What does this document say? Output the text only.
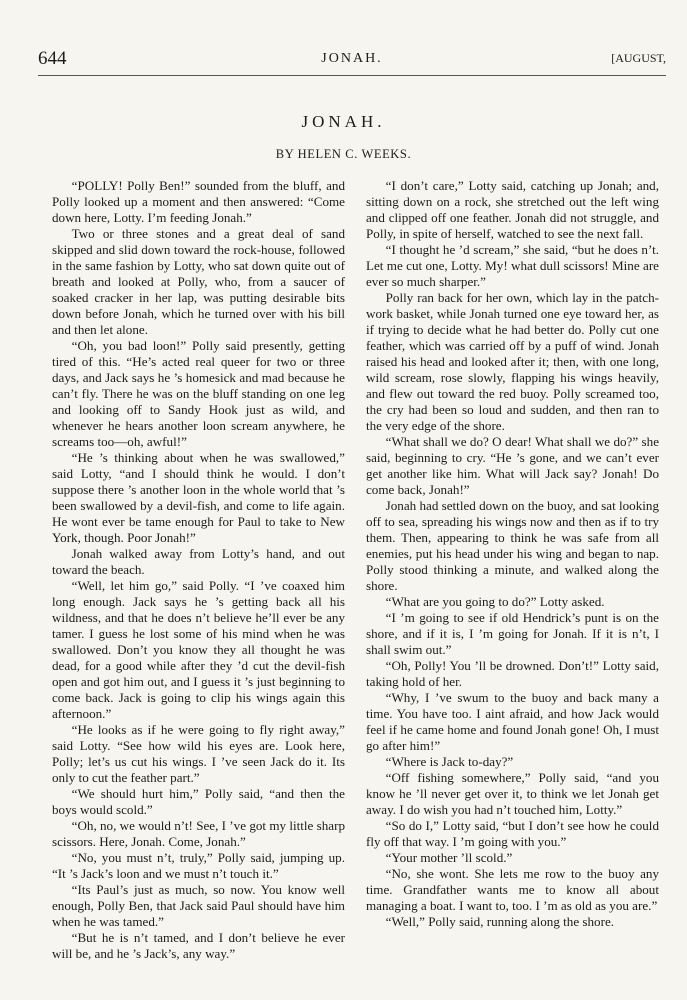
644	JONAH.	[AUGUST,
JONAH.
BY HELEN C. WEEKS.

“POLLY! Polly Ben!” sounded from the bluff, and Polly looked up a moment and then answered: “Come down here, Lotty. I’m feeding Jonah.”

Two or three stones and a great deal of sand skipped and slid down toward the rock-house, followed in the same fashion by Lotty, who sat down quite out of breath and looked at Polly, who, from a saucer of soaked cracker in her lap, was putting desirable bits down before Jonah, which he turned over with his bill and then let alone.

“Oh, you bad loon!” Polly said presently, getting tired of this. “He’s acted real queer for two or three days, and Jack says he ’s homesick and mad because he can’t fly. There he was on the bluff standing on one leg and looking off to Sandy Hook just as wild, and whenever he hears another loon scream anywhere, he screams too—oh, awful!”

“He ’s thinking about when he was swallowed,” said Lotty, “and I should think he would. I don’t suppose there ’s another loon in the whole world that ’s been swallowed by a devil-fish, and come to life again. He wont ever be tame enough for Paul to take to New York, though. Poor Jonah!”

Jonah walked away from Lotty’s hand, and out toward the beach.

“Well, let him go,” said Polly. “I ’ve coaxed him long enough. Jack says he ’s getting back all his wildness, and that he does n’t believe he’ll ever be any tamer. I guess he lost some of his mind when he was swallowed. Don’t you know they all thought he was dead, for a good while after they ’d cut the devil-fish open and got him out, and I guess it ’s just beginning to come back. Jack is going to clip his wings again this afternoon.”

“He looks as if he were going to fly right away,” said Lotty. “See how wild his eyes are. Look here, Polly; let’s us cut his wings. I ’ve seen Jack do it. Its only to cut the feather part.”

“We should hurt him,” Polly said, “and then the boys would scold.”

“Oh, no, we would n’t! See, I ’ve got my little sharp scissors. Here, Jonah. Come, Jonah.”

“No, you must n’t, truly,” Polly said, jumping up. “It ’s Jack’s loon and we must n’t touch it.”

“Its Paul’s just as much, so now. You know well enough, Polly Ben, that Jack said Paul should have him when he was tamed.”

“But he is n’t tamed, and I don’t believe he ever will be, and he ’s Jack’s, any way.”

“I don’t care,” Lotty said, catching up Jonah; and, sitting down on a rock, she stretched out the left wing and clipped off one feather. Jonah did not struggle, and Polly, in spite of herself, watched to see the next fall.

“I thought he ’d scream,” she said, “but he does n’t. Let me cut one, Lotty. My! what dull scissors! Mine are ever so much sharper.”

Polly ran back for her own, which lay in the patch-work basket, while Jonah turned one eye toward her, as if trying to decide what he had better do. Polly cut one feather, which was carried off by a puff of wind. Jonah raised his head and looked after it; then, with one long, wild scream, rose slowly, flapping his wings heavily, and flew out toward the red buoy. Polly screamed too, the cry had been so loud and sudden, and then ran to the very edge of the shore.

“What shall we do? O dear! What shall we do?” she said, beginning to cry. “He ’s gone, and we can’t ever get another like him. What will Jack say? Jonah! Do come back, Jonah!”

Jonah had settled down on the buoy, and sat looking off to sea, spreading his wings now and then as if to try them. Then, appearing to think he was safe from all enemies, put his head under his wing and began to nap. Polly stood thinking a minute, and walked along the shore.

“What are you going to do?” Lotty asked.

“I ’m going to see if old Hendrick’s punt is on the shore, and if it is, I ’m going for Jonah. If it is n’t, I shall swim out.”

“Oh, Polly! You ’ll be drowned. Don’t!” Lotty said, taking hold of her.

“Why, I ’ve swum to the buoy and back many a time. You have too. I aint afraid, and how Jack would feel if he came home and found Jonah gone! Oh, I must go after him!”

“Where is Jack to-day?”

“Off fishing somewhere,” Polly said, “and you know he ’ll never get over it, to think we let Jonah get away. I do wish you had n’t touched him, Lotty.”

“So do I,” Lotty said, “but I don’t see how he could fly off that way. I ’m going with you.”

“Your mother ’ll scold.”

“No, she wont. She lets me row to the buoy any time. Grandfather wants me to know all about managing a boat. I want to, too. I ’m as old as you are.”

“Well,” Polly said, running along the shore.
